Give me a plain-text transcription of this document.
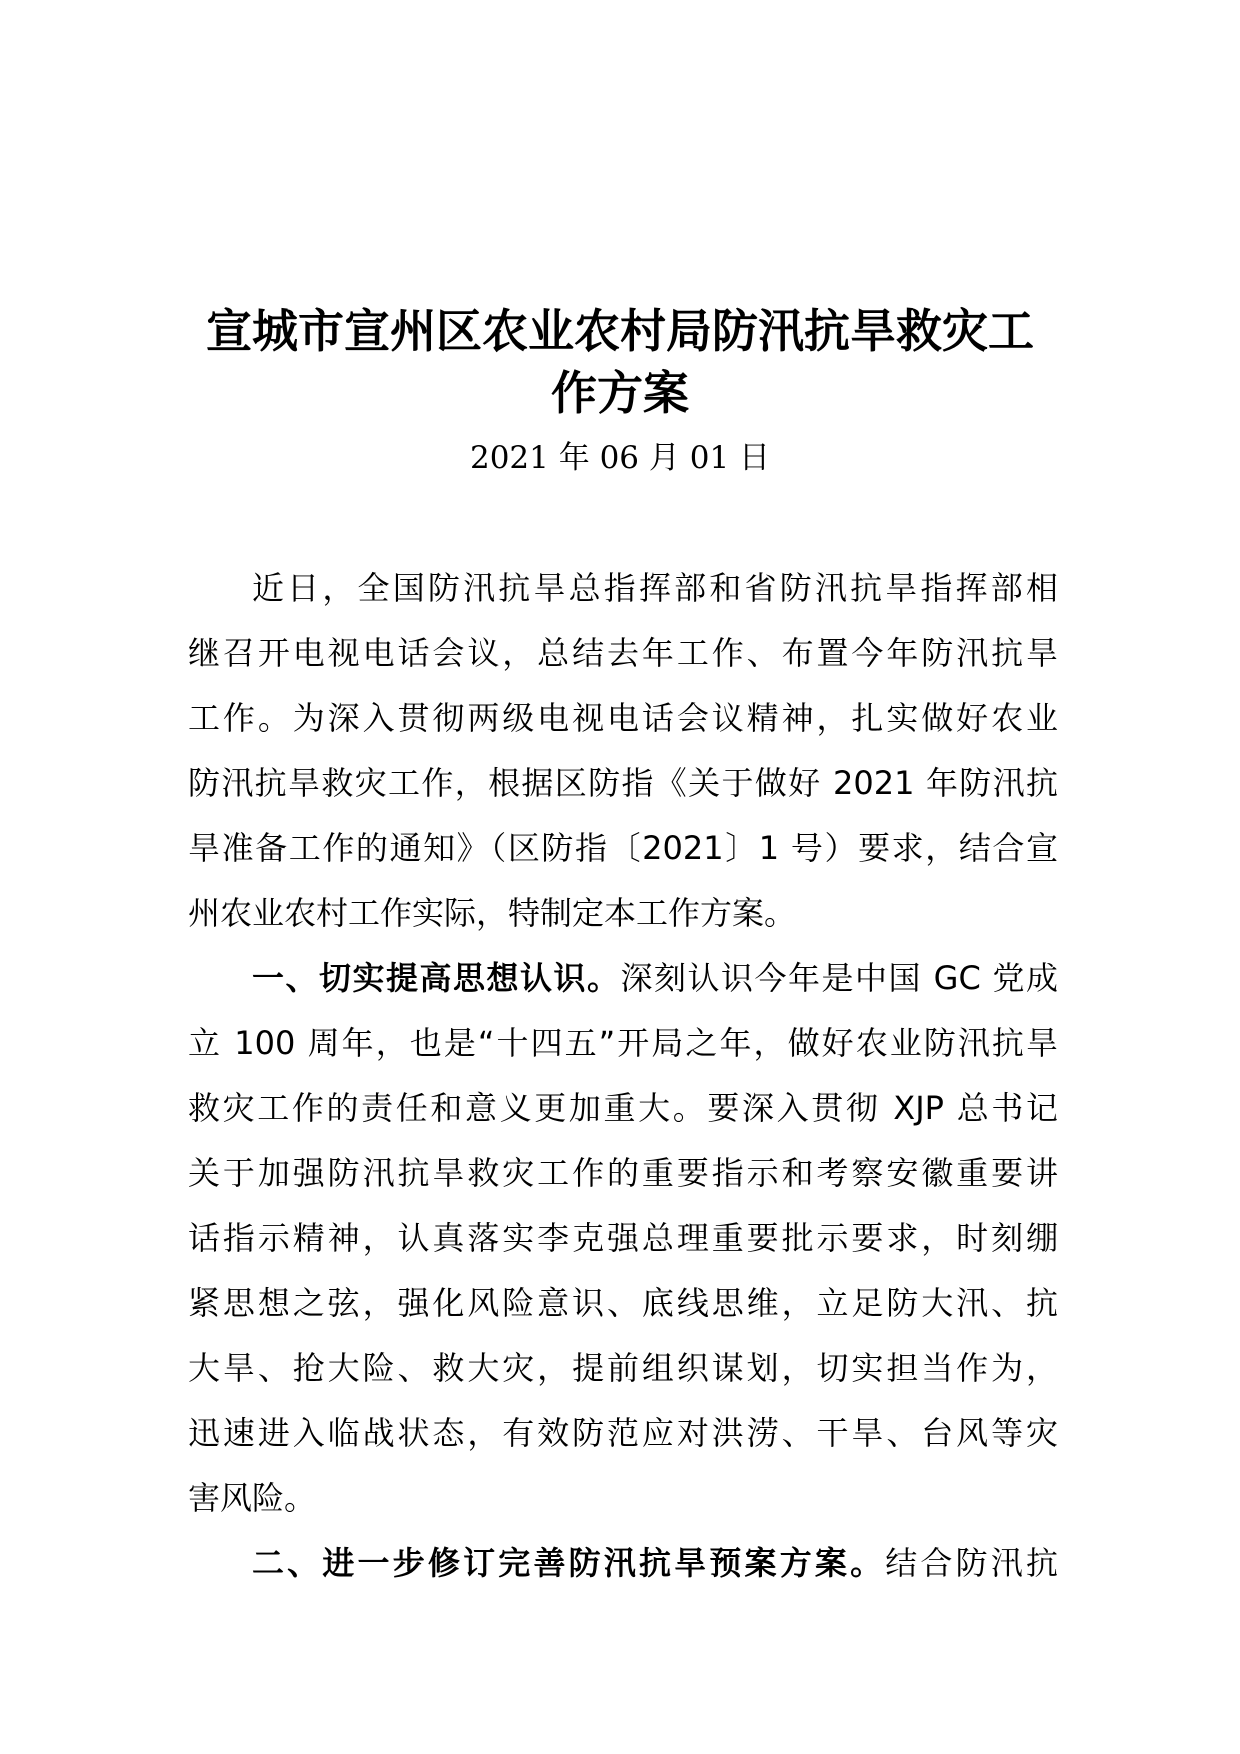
宣城市宣州区农业农村局防汛抗旱救灾工
作方案
2021 年 06 月 01 日
近日，全国防汛抗旱总指挥部和省防汛抗旱指挥部相
继召开电视电话会议，总结去年工作、布置今年防汛抗旱
工作。为深入贯彻两级电视电话会议精神，扎实做好农业
防汛抗旱救灾工作，根据区防指《关于做好 2021 年防汛抗
旱准备工作的通知》（区防指〔2021〕1 号）要求，结合宣
州农业农村工作实际，特制定本工作方案。
一、切实提高思想认识。深刻认识今年是中国 GC 党成
立 100 周年，也是“十四五”开局之年，做好农业防汛抗旱
救灾工作的责任和意义更加重大。要深入贯彻 XJP 总书记
关于加强防汛抗旱救灾工作的重要指示和考察安徽重要讲
话指示精神，认真落实李克强总理重要批示要求，时刻绷
紧思想之弦，强化风险意识、底线思维，立足防大汛、抗
大旱、抢大险、救大灾，提前组织谋划，切实担当作为，
迅速进入临战状态，有效防范应对洪涝、干旱、台风等灾
害风险。
二、进一步修订完善防汛抗旱预案方案。结合防汛抗
